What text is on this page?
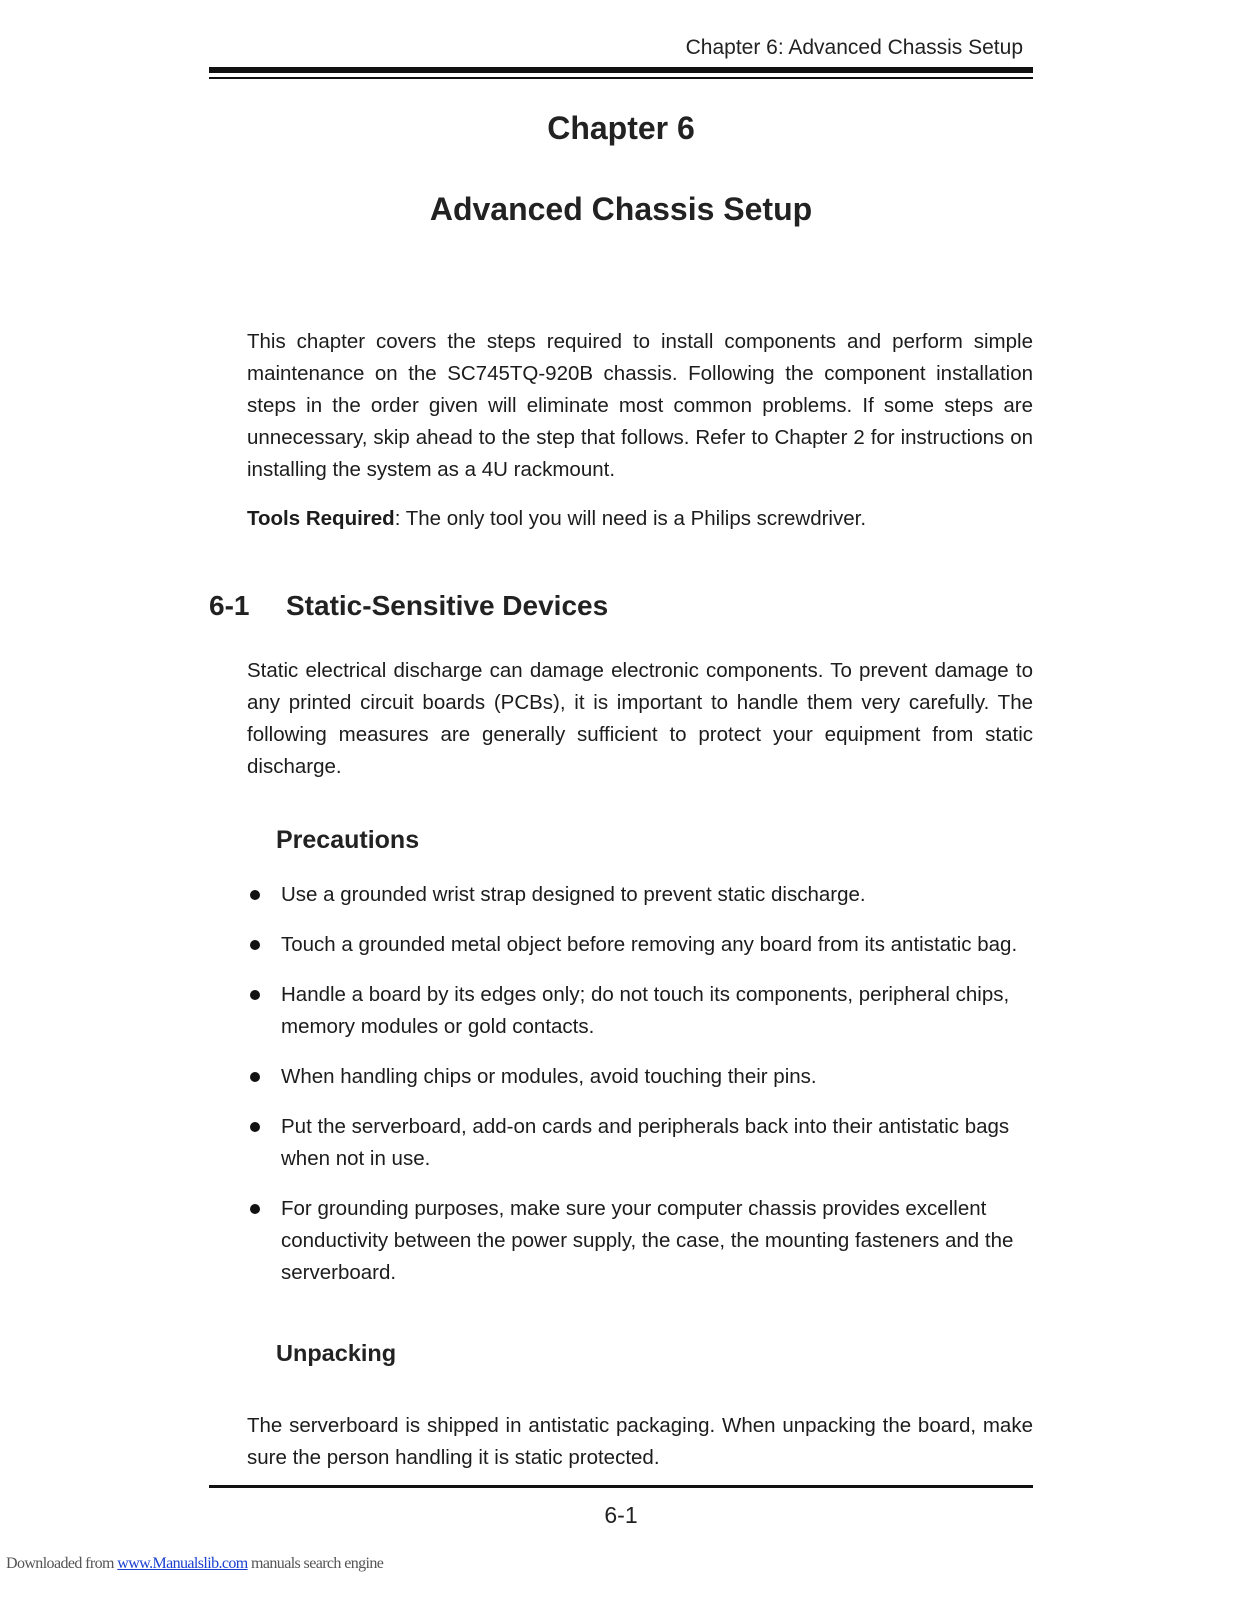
Chapter 6: Advanced Chassis Setup
Chapter 6
Advanced Chassis Setup

This chapter covers the steps required to install components and perform simple maintenance on the SC745TQ-920B chassis. Following the component installation steps in the order given will eliminate most common problems. If some steps are unnecessary, skip ahead to the step that follows. Refer to Chapter 2 for instructions on installing the system as a 4U rackmount.

Tools Required: The only tool you will need is a Philips screwdriver.

6-1 Static-Sensitive Devices

Static electrical discharge can damage electronic components. To prevent damage to any printed circuit boards (PCBs), it is important to handle them very carefully. The following measures are generally sufficient to protect your equipment from static discharge.

Precautions
Use a grounded wrist strap designed to prevent static discharge.
Touch a grounded metal object before removing any board from its antistatic bag.
Handle a board by its edges only; do not touch its components, peripheral chips, memory modules or gold contacts.
When handling chips or modules, avoid touching their pins.
Put the serverboard, add-on cards and peripherals back into their antistatic bags when not in use.
For grounding purposes, make sure your computer chassis provides excellent conductivity between the power supply, the case, the mounting fasteners and the serverboard.
Unpacking

The serverboard is shipped in antistatic packaging. When unpacking the board, make sure the person handling it is static protected.

6-1
Downloaded from www.Manualslib.com manuals search engine
